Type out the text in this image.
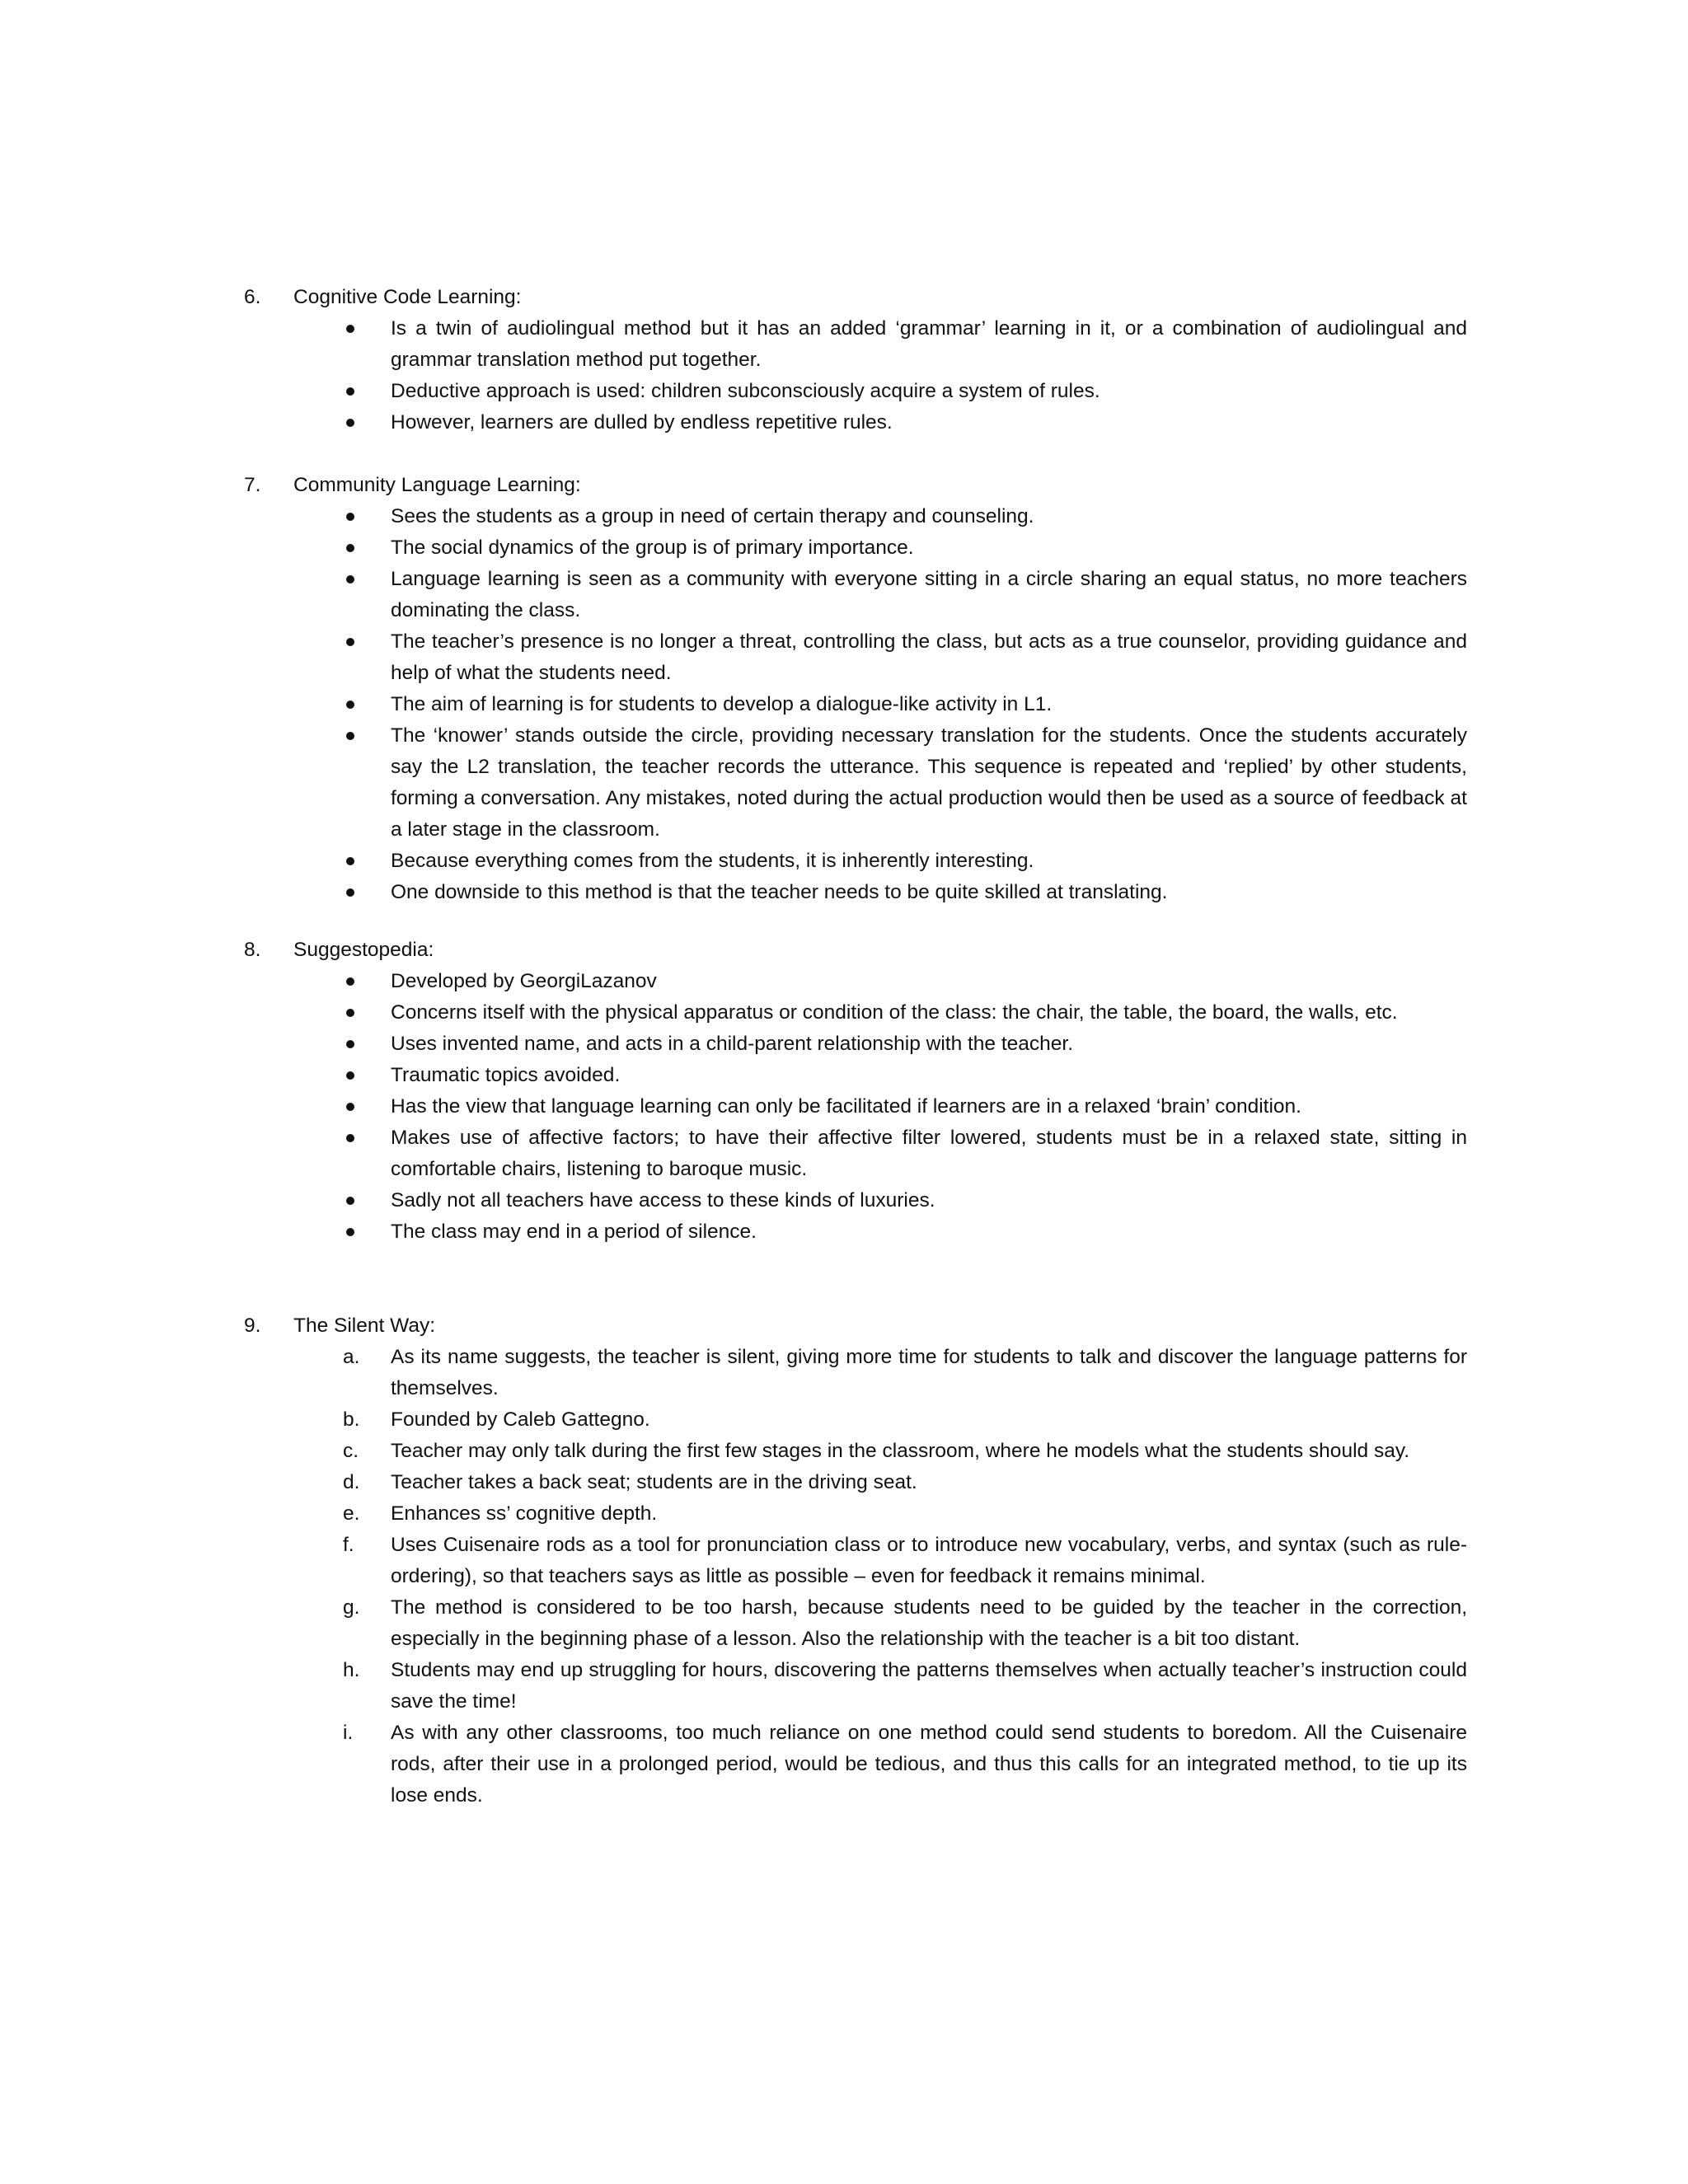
6. Cognitive Code Learning:
Is a twin of audiolingual method but it has an added ‘grammar’ learning in it, or a combination of audiolingual and grammar translation method put together.
Deductive approach is used: children subconsciously acquire a system of rules.
However, learners are dulled by endless repetitive rules.
7. Community Language Learning:
Sees the students as a group in need of certain therapy and counseling.
The social dynamics of the group is of primary importance.
Language learning is seen as a community with everyone sitting in a circle sharing an equal status, no more teachers dominating the class.
The teacher’s presence is no longer a threat, controlling the class, but acts as a true counselor, providing guidance and help of what the students need.
The aim of learning is for students to develop a dialogue-like activity in L1.
The ‘knower’ stands outside the circle, providing necessary translation for the students. Once the students accurately say the L2 translation, the teacher records the utterance. This sequence is repeated and ‘replied’ by other students, forming a conversation. Any mistakes, noted during the actual production would then be used as a source of feedback at a later stage in the classroom.
Because everything comes from the students, it is inherently interesting.
One downside to this method is that the teacher needs to be quite skilled at translating.
8. Suggestopedia:
Developed by GeorgiLazanov
Concerns itself with the physical apparatus or condition of the class: the chair, the table, the board, the walls, etc.
Uses invented name, and acts in a child-parent relationship with the teacher.
Traumatic topics avoided.
Has the view that language learning can only be facilitated if learners are in a relaxed ‘brain’ condition.
Makes use of affective factors; to have their affective filter lowered, students must be in a relaxed state, sitting in comfortable chairs, listening to baroque music.
Sadly not all teachers have access to these kinds of luxuries.
The class may end in a period of silence.
9. The Silent Way:
a.	As its name suggests, the teacher is silent, giving more time for students to talk and discover the language patterns for themselves.
b.	Founded by Caleb Gattegno.
c.	Teacher may only talk during the first few stages in the classroom, where he models what the students should say.
d.	Teacher takes a back seat; students are in the driving seat.
e.	Enhances ss’ cognitive depth.
f.	Uses Cuisenaire rods as a tool for pronunciation class or to introduce new vocabulary, verbs, and syntax (such as rule-ordering), so that teachers says as little as possible – even for feedback it remains minimal.
g.	The method is considered to be too harsh, because students need to be guided by the teacher in the correction, especially in the beginning phase of a lesson. Also the relationship with the teacher is a bit too distant.
h.	Students may end up struggling for hours, discovering the patterns themselves when actually teacher’s instruction could save the time!
i.	As with any other classrooms, too much reliance on one method could send students to boredom. All the Cuisenaire rods, after their use in a prolonged period, would be tedious, and thus this calls for an integrated method, to tie up its lose ends.
